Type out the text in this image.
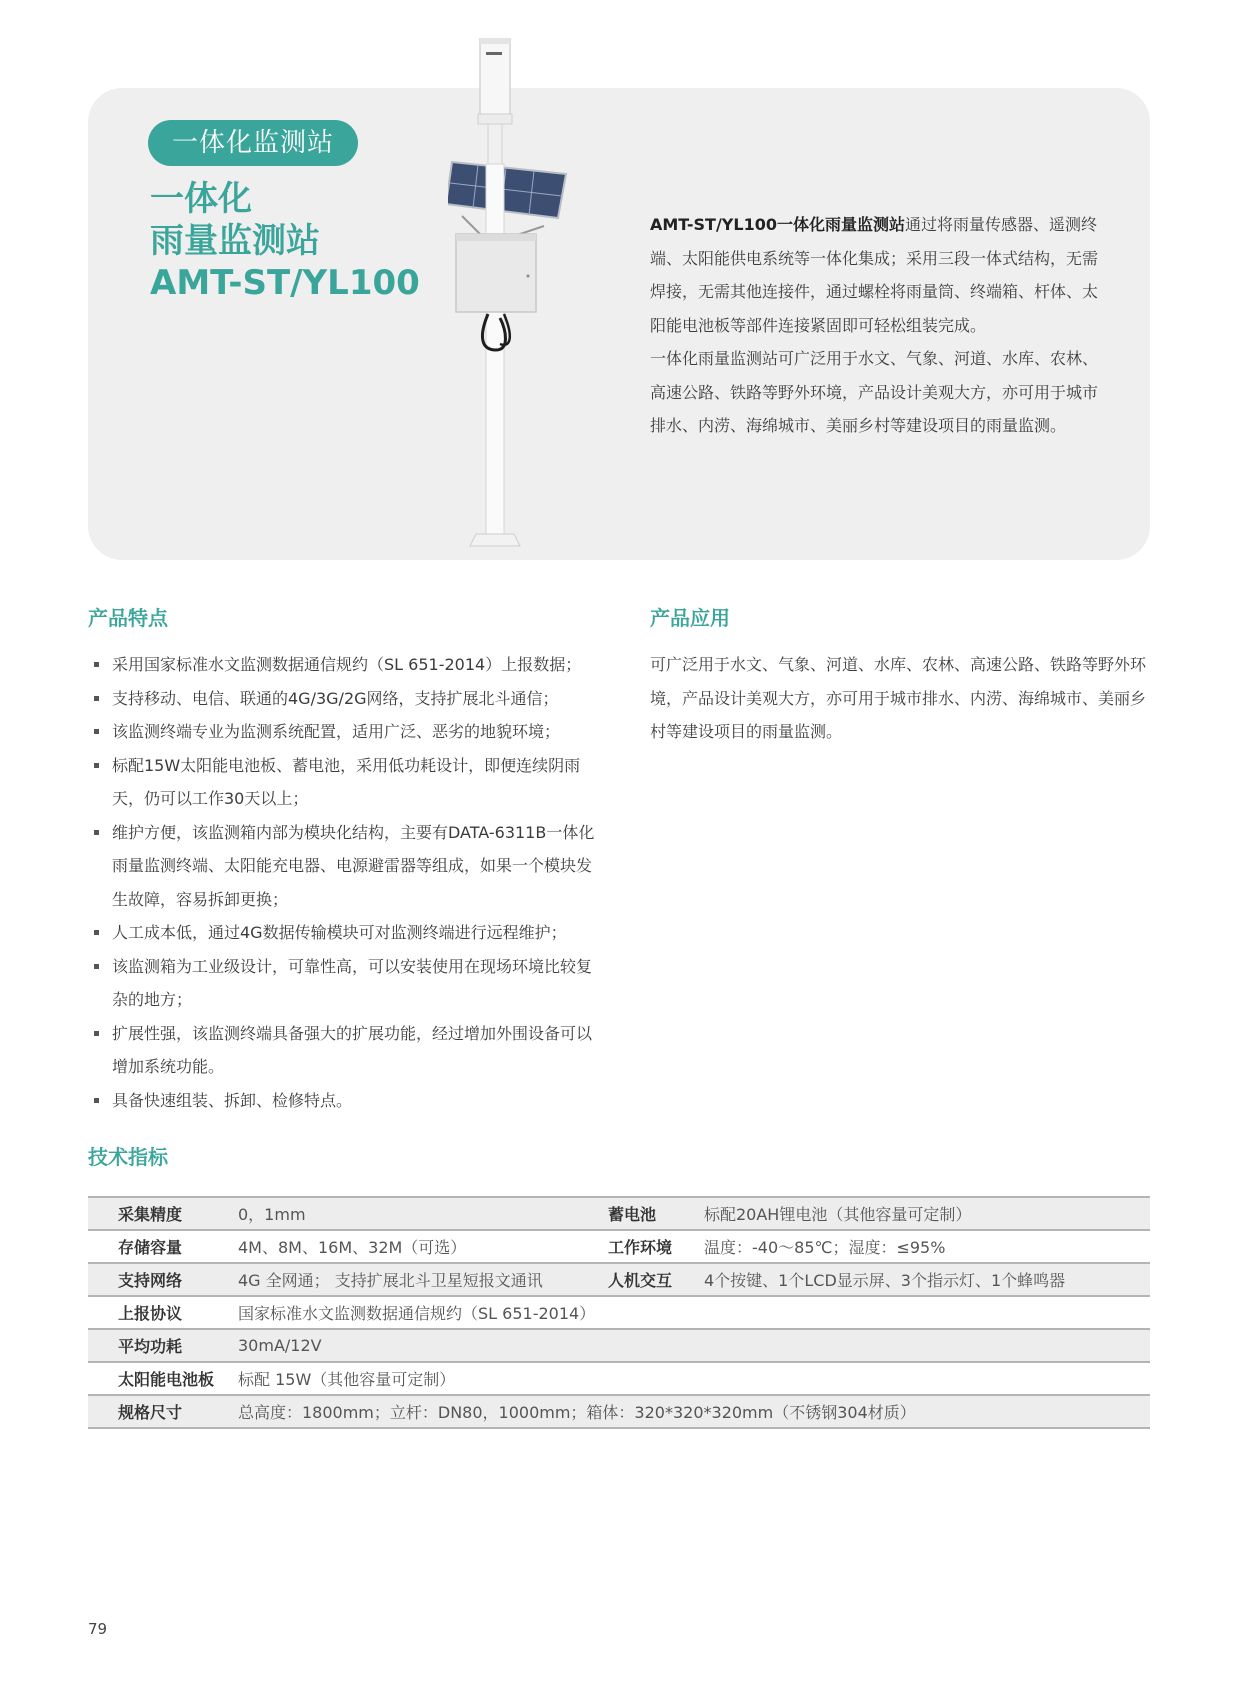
一体化监测站
一体化
雨量监测站
AMT-ST/YL100

AMT-ST/YL100一体化雨量监测站通过将雨量传感器、遥测终端、太阳能供电系统等一体化集成；采用三段一体式结构，无需焊接，无需其他连接件，通过螺栓将雨量筒、终端箱、杆体、太阳能电池板等部件连接紧固即可轻松组装完成。

一体化雨量监测站可广泛用于水文、气象、河道、水库、农林、高速公路、铁路等野外环境，产品设计美观大方，亦可用于城市排水、内涝、海绵城市、美丽乡村等建设项目的雨量监测。

产品特点
采用国家标准水文监测数据通信规约（SL 651-2014）上报数据；
支持移动、电信、联通的4G/3G/2G网络，支持扩展北斗通信；
该监测终端专业为监测系统配置，适用广泛、恶劣的地貌环境；
标配15W太阳能电池板、蓄电池，采用低功耗设计，即便连续阴雨天，仍可以工作30天以上；
维护方便，该监测箱内部为模块化结构，主要有DATA-6311B一体化雨量监测终端、太阳能充电器、电源避雷器等组成，如果一个模块发生故障，容易拆卸更换；
人工成本低，通过4G数据传输模块可对监测终端进行远程维护；
该监测箱为工业级设计，可靠性高，可以安装使用在现场环境比较复杂的地方；
扩展性强，该监测终端具备强大的扩展功能，经过增加外围设备可以增加系统功能。
具备快速组装、拆卸、检修特点。
产品应用

可广泛用于水文、气象、河道、水库、农林、高速公路、铁路等野外环境，产品设计美观大方，亦可用于城市排水、内涝、海绵城市、美丽乡村等建设项目的雨量监测。

技术指标
采集精度	0，1mm	蓄电池	标配20AH锂电池（其他容量可定制）
存储容量	4M、8M、16M、32M（可选）	工作环境	温度：-40～85℃；湿度：≤95%
支持网络	4G 全网通； 支持扩展北斗卫星短报文通讯	人机交互	4个按键、1个LCD显示屏、3个指示灯、1个蜂鸣器
上报协议	国家标准水文监测数据通信规约（SL 651-2014）		
平均功耗	30mA/12V		
太阳能电池板	标配 15W（其他容量可定制）		
规格尺寸	总高度：1800mm；立杆：DN80，1000mm；箱体：320*320*320mm（不锈钢304材质）		
79
